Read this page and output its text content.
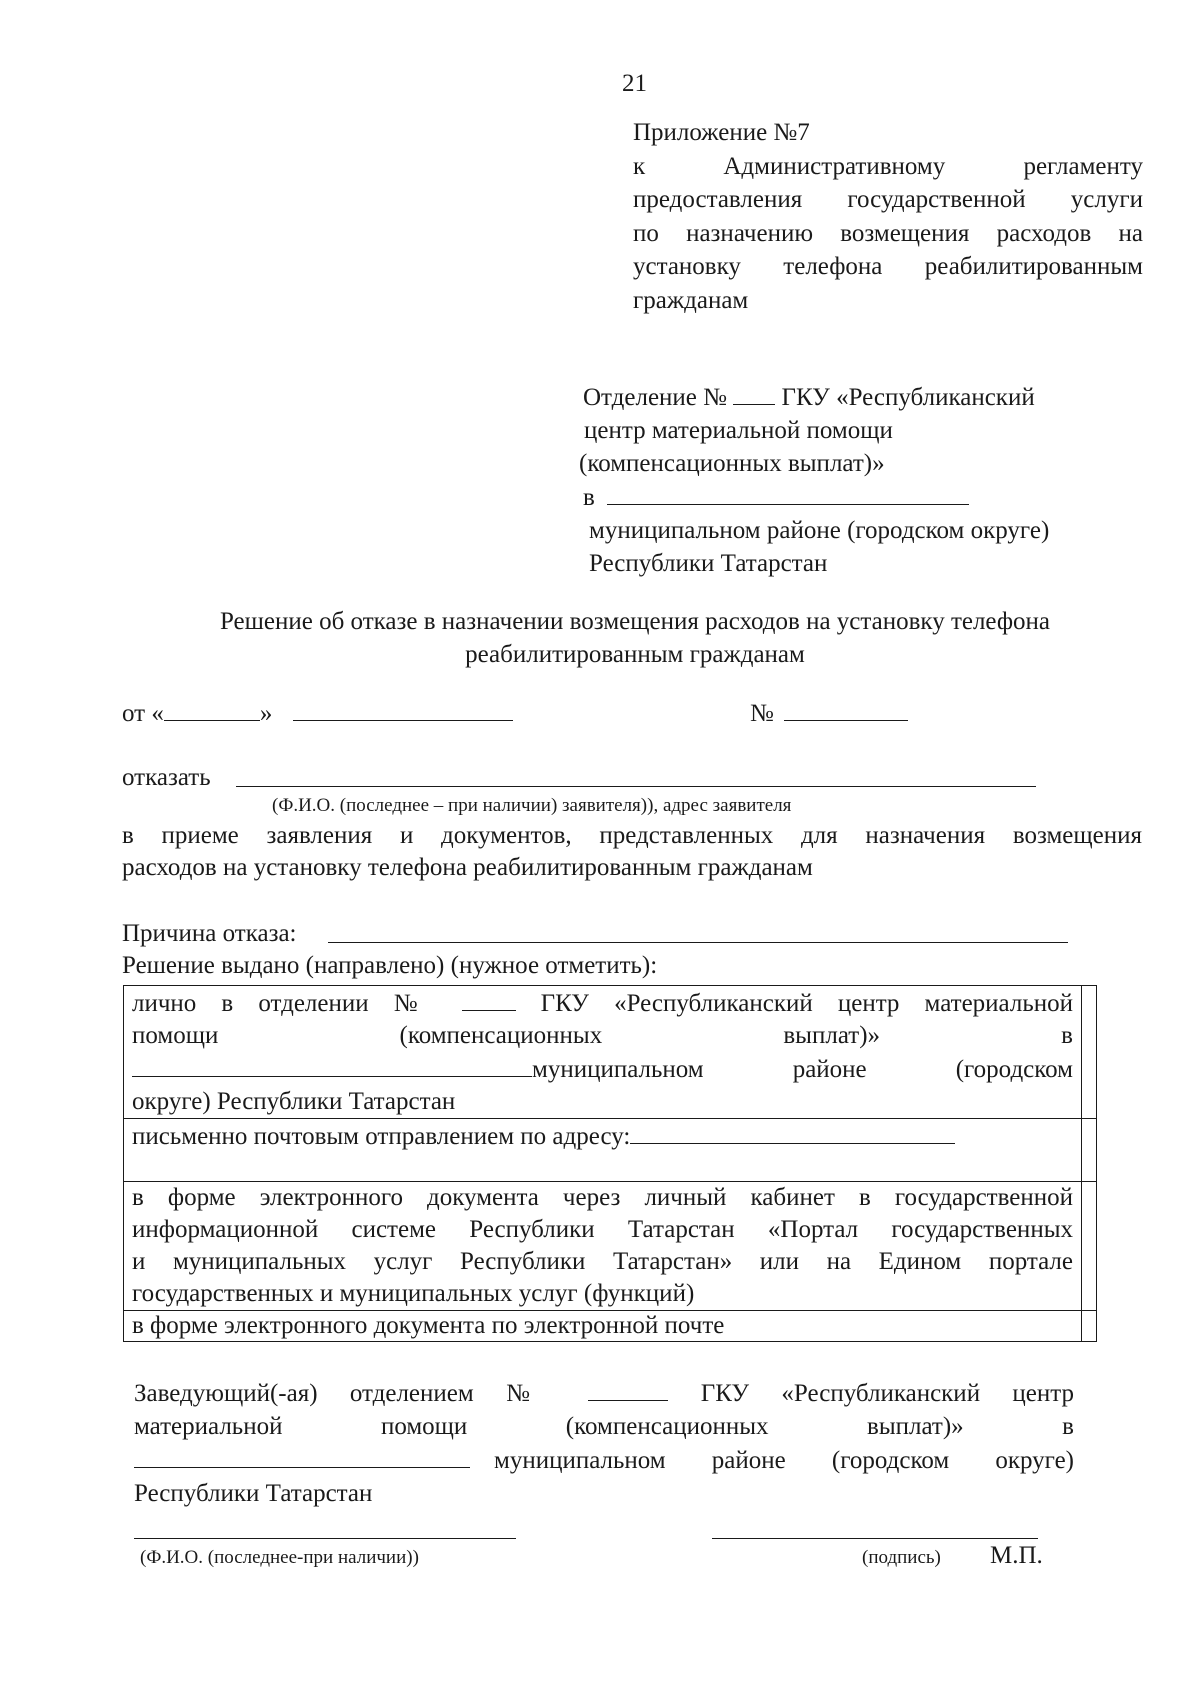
21
Приложение №7
к Административному регламенту
предоставления государственной услуги
по назначению возмещения расходов на
установку телефона реабилитированным
гражданам
Отделение № ГКУ «Республиканский
центр материальной помощи
(компенсационных выплат)»
в
муниципальном районе (городском округе)
Республики Татарстан
Решение об отказе в назначении возмещения расходов на установку телефона
реабилитированным гражданам
от «	»	№
отказать
(Ф.И.О. (последнее – при наличии) заявителя)), адрес заявителя
в приеме заявления и документов, представленных для назначения возмещения
расходов на установку телефона реабилитированным гражданам
Причина отказа:
Решение выдано (направлено) (нужное отметить):
лично в отделении № ГКУ «Республиканский центр материальной
помощи (компенсационных выплат)» в
муниципальном районе (городском
округе) Республики Татарстан	

письменно почтовым отправлением по адресу:	

в форме электронного документа через личный кабинет в государственной
информационной системе Республики Татарстан «Портал государственных
и муниципальных услуг Республики Татарстан» или на Едином портале
государственных и муниципальных услуг (функций)	

в форме электронного документа по электронной почте	
Заведующий(-ая) отделением №	ГКУ «Республиканский центр
материальной помощи (компенсационных выплат)» в
муниципальном районе (городском округе)
Республики Татарстан
(Ф.И.О. (последнее-при наличии))	(подпись) М.П.
